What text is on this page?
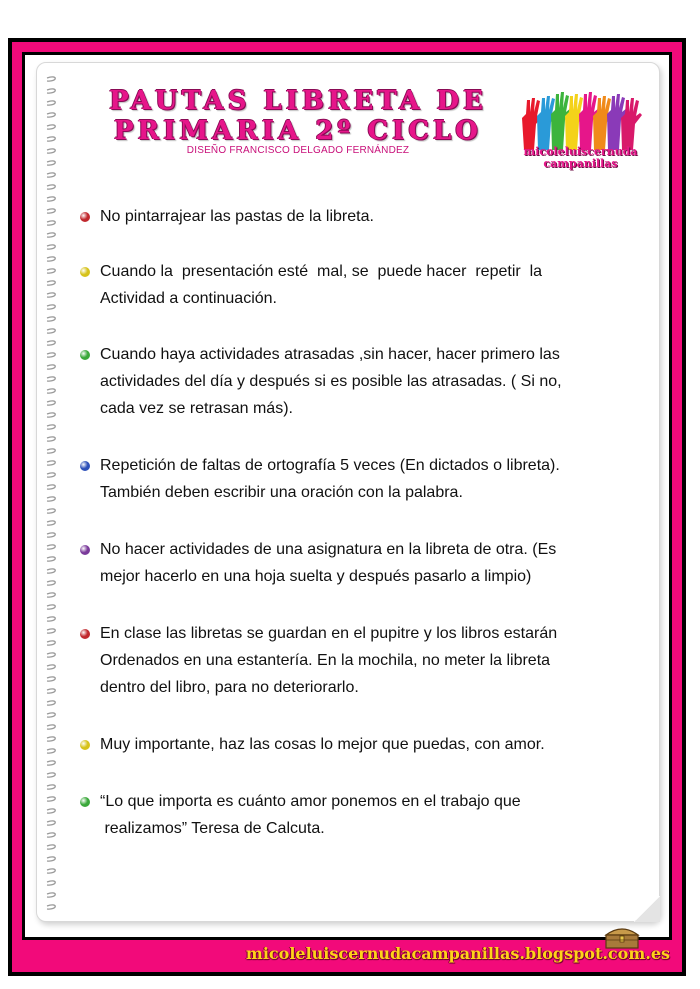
PAUTAS LIBRETA DE
PRIMARIA 2º CICLO
DISEÑO FRANCISCO DELGADO FERNÁNDEZ	micoleluiscernuda
campanillas

No pintarrajear las pastas de la libreta.

Cuando la  presentación esté  mal, se  puede hacer  repetir  la

Actividad a continuación.

Cuando haya actividades atrasadas ,sin hacer, hacer primero las

actividades del día y después si es posible las atrasadas. ( Si no,

cada vez se retrasan más).

Repetición de faltas de ortografía 5 veces (En dictados o libreta).

También deben escribir una oración con la palabra.

No hacer actividades de una asignatura en la libreta de otra. (Es

mejor hacerlo en una hoja suelta y después pasarlo a limpio)

En clase las libretas se guardan en el pupitre y los libros estarán

Ordenados en una estantería. En la mochila, no meter la libreta

dentro del libro, para no deteriorarlo.

Muy importante, haz las cosas lo mejor que puedas, con amor.

“Lo que importa es cuánto amor ponemos en el trabajo que

realizamos” Teresa de Calcuta.

micoleluiscernudacampanillas.blogspot.com.es
